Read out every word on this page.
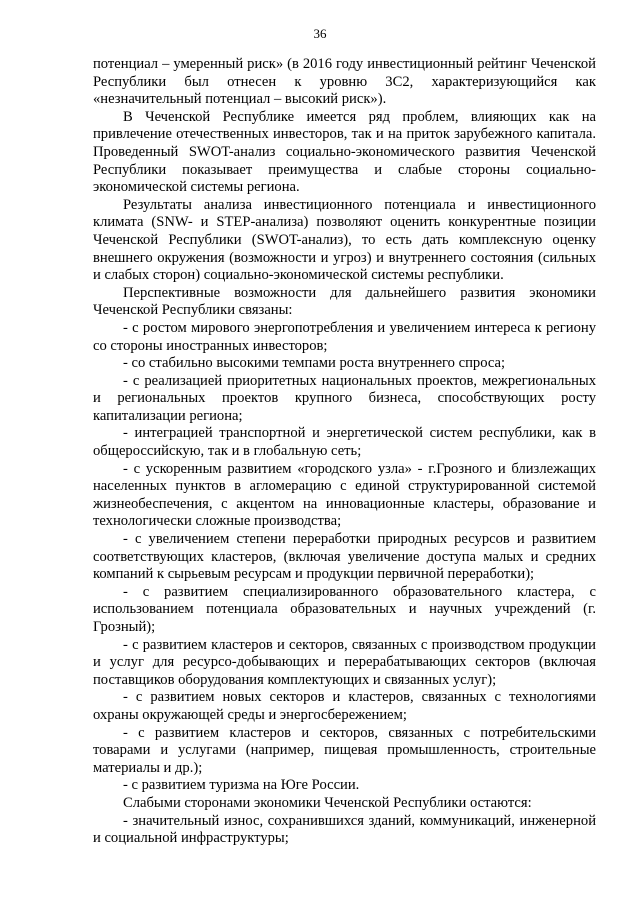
36

потенциал – умеренный риск» (в 2016 году инвестиционный рейтинг Чеченской Республики был отнесен к уровню 3С2, характеризующийся как «незначительный потенциал – высокий риск»).

В Чеченской Республике имеется ряд проблем, влияющих как на привлечение отечественных инвесторов, так и на приток зарубежного капитала. Проведенный SWOT-анализ социально-экономического развития Чеченской Республики показывает преимущества и слабые стороны социально-экономической системы региона.

Результаты анализа инвестиционного потенциала и инвестиционного климата (SNW- и STEP-анализа) позволяют оценить конкурентные позиции Чеченской Республики (SWOT-анализ), то есть дать комплексную оценку внешнего окружения (возможности и угроз) и внутреннего состояния (сильных и слабых сторон) социально-экономической системы республики.

Перспективные возможности для дальнейшего развития экономики Чеченской Республики связаны:

- с ростом мирового энергопотребления и увеличением интереса к региону со стороны иностранных инвесторов;

- со стабильно высокими темпами роста внутреннего спроса;

- с реализацией приоритетных национальных проектов, межрегиональных и региональных проектов крупного бизнеса, способствующих росту капитализации региона;

- интеграцией транспортной и энергетической систем республики, как в общероссийскую, так и в глобальную сеть;

- с ускоренным развитием «городского узла» - г.Грозного и близлежащих населенных пунктов в агломерацию с единой структурированной системой жизнеобеспечения, с акцентом на инновационные кластеры, образование и технологически сложные производства;

- с увеличением степени переработки природных ресурсов и развитием соответствующих кластеров, (включая увеличение доступа малых и средних компаний к сырьевым ресурсам и продукции первичной переработки);

- с развитием специализированного образовательного кластера, с использованием потенциала образовательных и научных учреждений (г. Грозный);

- с развитием кластеров и секторов, связанных с производством продукции и услуг для ресурсо-добывающих и перерабатывающих секторов (включая поставщиков оборудования комплектующих и связанных услуг);

- с развитием новых секторов и кластеров, связанных с технологиями охраны окружающей среды и энергосбережением;

- с развитием кластеров и секторов, связанных с потребительскими товарами и услугами (например, пищевая промышленность, строительные материалы и др.);

- с развитием туризма на Юге России.

Слабыми сторонами экономики Чеченской Республики остаются:

- значительный износ, сохранившихся зданий, коммуникаций, инженерной и социальной инфраструктуры;
